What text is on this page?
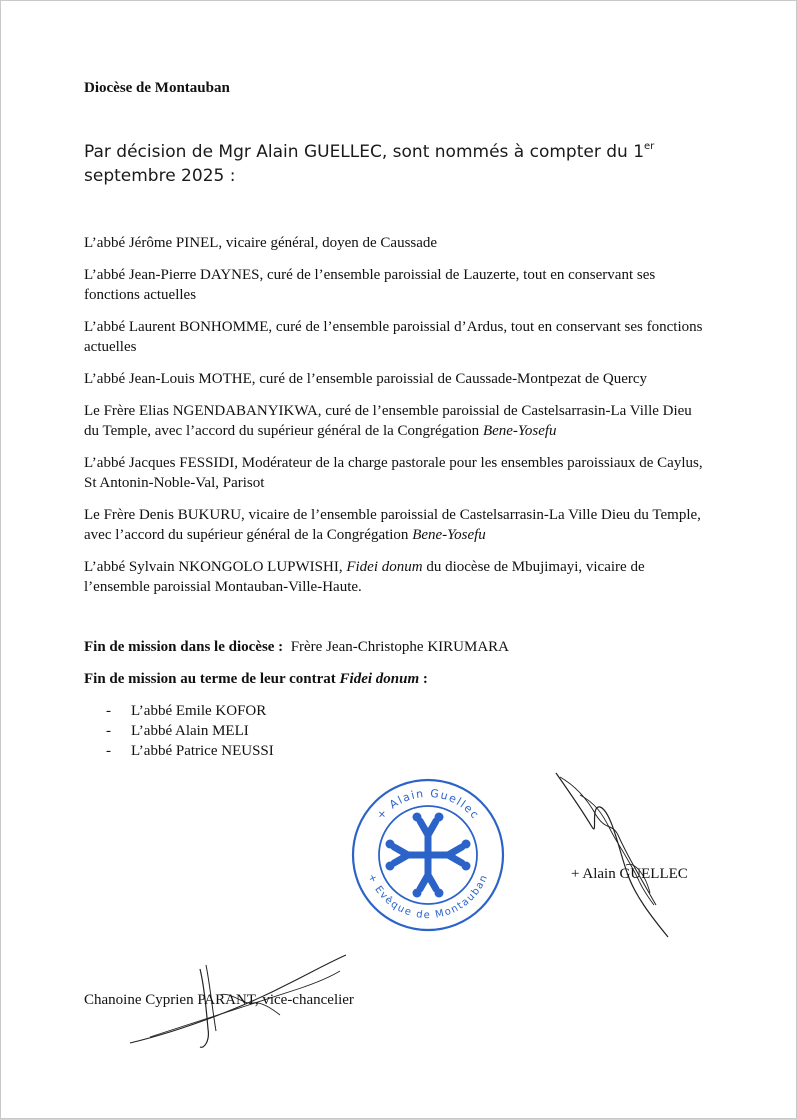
Diocèse de Montauban
Par décision de Mgr Alain GUELLEC, sont nommés à compter du 1er
septembre 2025 :

L’abbé Jérôme PINEL, vicaire général, doyen de Caussade

L’abbé Jean-Pierre DAYNES, curé de l’ensemble paroissial de Lauzerte, tout en conservant ses fonctions actuelles

L’abbé Laurent BONHOMME, curé de l’ensemble paroissial d’Ardus, tout en conservant ses fonctions actuelles

L’abbé Jean-Louis MOTHE, curé de l’ensemble paroissial de Caussade-Montpezat de Quercy

Le Frère Elias NGENDABANYIKWA, curé de l’ensemble paroissial de Castelsarrasin-La Ville Dieu du Temple, avec l’accord du supérieur général de la Congrégation Bene-Yosefu

L’abbé Jacques FESSIDI, Modérateur de la charge pastorale pour les ensembles paroissiaux de Caylus, St Antonin-Noble-Val, Parisot

Le Frère Denis BUKURU, vicaire de l’ensemble paroissial de Castelsarrasin-La Ville Dieu du Temple, avec l’accord du supérieur général de la Congrégation Bene-Yosefu

L’abbé Sylvain NKONGOLO LUPWISHI, Fidei donum du diocèse de Mbujimayi, vicaire de l’ensemble paroissial Montauban-Ville-Haute.

Fin de mission dans le diocèse : Frère Jean-Christophe KIRUMARA
Fin de mission au terme de leur contrat Fidei donum :
- L’abbé Emile KOFOR
- L’abbé Alain MELI
- L’abbé Patrice NEUSSI
+ Alain Guellec
+ Evêque de Montauban	+ Alain GUELLEC
Chanoine Cyprien PARANT, vice-chancelier
